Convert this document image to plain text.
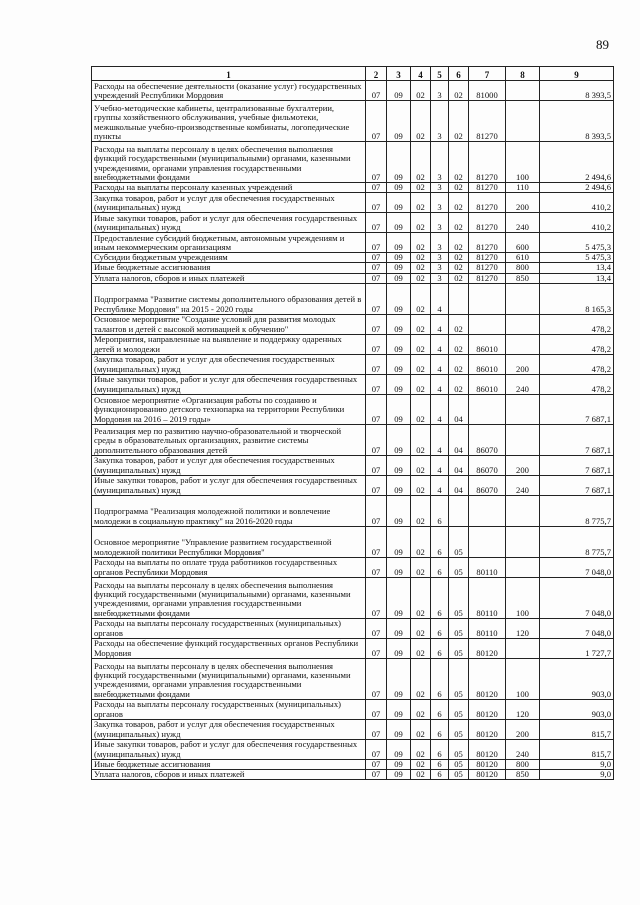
89
1	2	3	4	5	6	7	8	9
Расходы на обеспечение деятельности (оказание услуг) государственных учреждений Республики Мордовия	07	09	02	3	02	81000		8 393,5
Учебно-методические кабинеты, централизованные бухгалтерии, группы хозяйственного обслуживания, учебные фильмотеки, межшкольные учебно-производственные комбинаты, логопедические пункты	07	09	02	3	02	81270		8 393,5
Расходы на выплаты персоналу в целях обеспечения выполнения функций государственными (муниципальными) органами, казенными учреждениями, органами управления государственными внебюджетными фондами	07	09	02	3	02	81270	100	2 494,6
Расходы на выплаты персоналу казенных учреждений	07	09	02	3	02	81270	110	2 494,6
Закупка товаров, работ и услуг для обеспечения государственных (муниципальных) нужд	07	09	02	3	02	81270	200	410,2
Иные закупки товаров, работ и услуг для обеспечения государственных (муниципальных) нужд	07	09	02	3	02	81270	240	410,2
Предоставление субсидий бюджетным, автономным учреждениям и иным некоммерческим организациям	07	09	02	3	02	81270	600	5 475,3
Субсидии бюджетным учреждениям	07	09	02	3	02	81270	610	5 475,3
Иные бюджетные ассигнования	07	09	02	3	02	81270	800	13,4
Уплата налогов, сборов и иных платежей	07	09	02	3	02	81270	850	13,4
Подпрограмма "Развитие системы дополнительного образования детей в Республике Мордовия" на 2015 - 2020 годы	07	09	02	4				8 165,3
Основное мероприятие "Создание условий для развития молодых талантов и детей с высокой мотивацией к обучению"	07	09	02	4	02			478,2
Мероприятия, направленные на выявление и поддержку одаренных детей и молодежи	07	09	02	4	02	86010		478,2
Закупка товаров, работ и услуг для обеспечения государственных (муниципальных) нужд	07	09	02	4	02	86010	200	478,2
Иные закупки товаров, работ и услуг для обеспечения государственных (муниципальных) нужд	07	09	02	4	02	86010	240	478,2
Основное мероприятие «Организация работы по созданию и функционированию детского технопарка на территории Республики Мордовия на 2016 – 2019 годы»	07	09	02	4	04			7 687,1
Реализация мер по развитию научно-образовательной и творческой среды в образовательных организациях, развитие системы дополнительного образования детей	07	09	02	4	04	86070		7 687,1
Закупка товаров, работ и услуг для обеспечения государственных (муниципальных) нужд	07	09	02	4	04	86070	200	7 687,1
Иные закупки товаров, работ и услуг для обеспечения государственных (муниципальных) нужд	07	09	02	4	04	86070	240	7 687,1
Подпрограмма "Реализация молодежной политики и вовлечение молодежи в социальную практику" на 2016-2020 годы	07	09	02	6				8 775,7
Основное мероприятие "Управление развитием государственной молодежной политики Республики Мордовия"	07	09	02	6	05			8 775,7
Расходы на выплаты по оплате труда работников государственных органов Республики Мордовия	07	09	02	6	05	80110		7 048,0
Расходы на выплаты персоналу в целях обеспечения выполнения функций государственными (муниципальными) органами, казенными учреждениями, органами управления государственными внебюджетными фондами	07	09	02	6	05	80110	100	7 048,0
Расходы на выплаты персоналу государственных (муниципальных) органов	07	09	02	6	05	80110	120	7 048,0
Расходы на обеспечение функций государственных органов Республики Мордовия	07	09	02	6	05	80120		1 727,7
Расходы на выплаты персоналу в целях обеспечения выполнения функций государственными (муниципальными) органами, казенными учреждениями, органами управления государственными внебюджетными фондами	07	09	02	6	05	80120	100	903,0
Расходы на выплаты персоналу государственных (муниципальных) органов	07	09	02	6	05	80120	120	903,0
Закупка товаров, работ и услуг для обеспечения государственных (муниципальных) нужд	07	09	02	6	05	80120	200	815,7
Иные закупки товаров, работ и услуг для обеспечения государственных (муниципальных) нужд	07	09	02	6	05	80120	240	815,7
Иные бюджетные ассигнования	07	09	02	6	05	80120	800	9,0
Уплата налогов, сборов и иных платежей	07	09	02	6	05	80120	850	9,0
